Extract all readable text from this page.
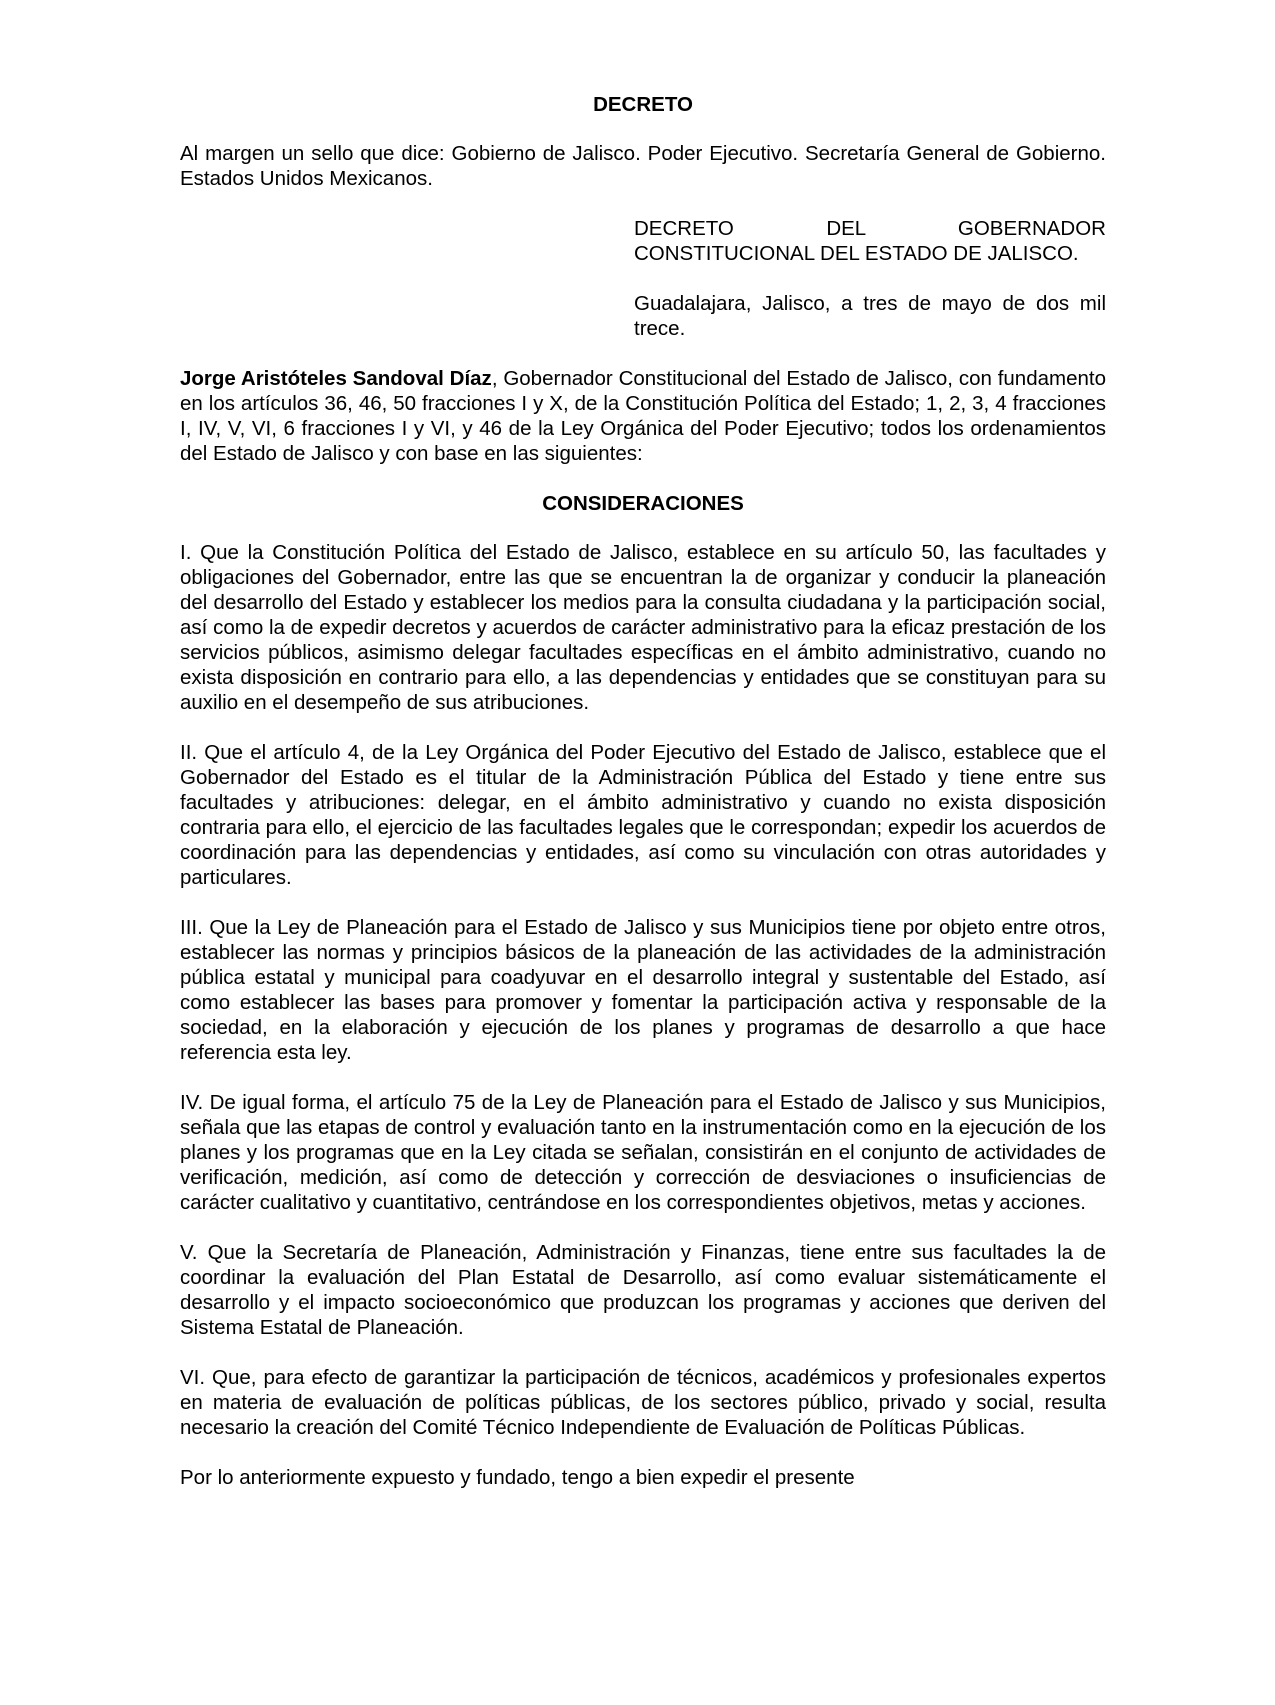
DECRETO

Al margen un sello que dice: Gobierno de Jalisco. Poder Ejecutivo. Secretaría General de Gobierno. Estados Unidos Mexicanos.

DECRETO DEL GOBERNADOR
CONSTITUCIONAL DEL ESTADO DE JALISCO.

Guadalajara, Jalisco, a tres de mayo de dos mil trece.

Jorge Aristóteles Sandoval Díaz, Gobernador Constitucional del Estado de Jalisco, con fundamento en los artículos 36, 46, 50 fracciones I y X, de la Constitución Política del Estado; 1, 2, 3, 4 fracciones I, IV, V, VI, 6 fracciones I y VI, y 46 de la Ley Orgánica del Poder Ejecutivo; todos los ordenamientos del Estado de Jalisco y con base en las siguientes:

CONSIDERACIONES

I. Que la Constitución Política del Estado de Jalisco, establece en su artículo 50, las facultades y obligaciones del Gobernador, entre las que se encuentran la de organizar y conducir la planeación del desarrollo del Estado y establecer los medios para la consulta ciudadana y la participación social, así como la de expedir decretos y acuerdos de carácter administrativo para la eficaz prestación de los servicios públicos, asimismo delegar facultades específicas en el ámbito administrativo, cuando no exista disposición en contrario para ello, a las dependencias y entidades que se constituyan para su auxilio en el desempeño de sus atribuciones.

II. Que el artículo 4, de la Ley Orgánica del Poder Ejecutivo del Estado de Jalisco, establece que el Gobernador del Estado es el titular de la Administración Pública del Estado y tiene entre sus facultades y atribuciones: delegar, en el ámbito administrativo y cuando no exista disposición contraria para ello, el ejercicio de las facultades legales que le correspondan; expedir los acuerdos de coordinación para las dependencias y entidades, así como su vinculación con otras autoridades y particulares.

III. Que la Ley de Planeación para el Estado de Jalisco y sus Municipios tiene por objeto entre otros, establecer las normas y principios básicos de la planeación de las actividades de la administración pública estatal y municipal para coadyuvar en el desarrollo integral y sustentable del Estado, así como establecer las bases para promover y fomentar la participación activa y responsable de la sociedad, en la elaboración y ejecución de los planes y programas de desarrollo a que hace referencia esta ley.

IV. De igual forma, el artículo 75 de la Ley de Planeación para el Estado de Jalisco y sus Municipios, señala que las etapas de control y evaluación tanto en la instrumentación como en la ejecución de los planes y los programas que en la Ley citada se señalan, consistirán en el conjunto de actividades de verificación, medición, así como de detección y corrección de desviaciones o insuficiencias de carácter cualitativo y cuantitativo, centrándose en los correspondientes objetivos, metas y acciones.

V. Que la Secretaría de Planeación, Administración y Finanzas, tiene entre sus facultades la de coordinar la evaluación del Plan Estatal de Desarrollo, así como evaluar sistemáticamente el desarrollo y el impacto socioeconómico que produzcan los programas y acciones que deriven del Sistema Estatal de Planeación.

VI. Que, para efecto de garantizar la participación de técnicos, académicos y profesionales expertos en materia de evaluación de políticas públicas, de los sectores público, privado y social, resulta necesario la creación del Comité Técnico Independiente de Evaluación de Políticas Públicas.

Por lo anteriormente expuesto y fundado, tengo a bien expedir el presente
